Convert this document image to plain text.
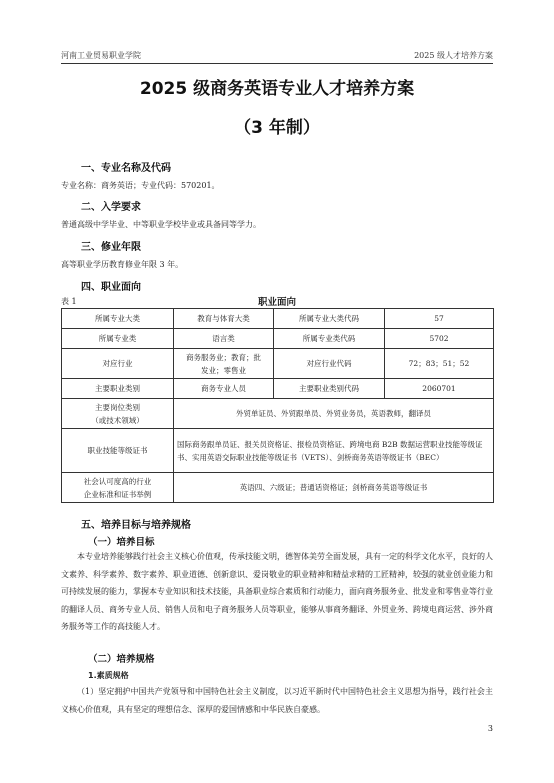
河南工业贸易职业学院	2025 级人才培养方案
2025 级商务英语专业人才培养方案
（3 年制）
一、专业名称及代码
专业名称：商务英语；专业代码：570201。
二、入学要求
普通高级中学毕业、中等职业学校毕业或具备同等学力。
三、修业年限
高等职业学历教育修业年限 3 年。
四、职业面向
表 1	职业面向
所属专业大类	教育与体育大类	所属专业大类代码	57
所属专业类	语言类	所属专业类代码	5702
对应行业	商务服务业；教育；批
发业；零售业	对应行业代码	72；83；51；52
主要职业类别	商务专业人员	主要职业类别代码	2060701

主要岗位类别
（或技术领域）	外贸单证员、外贸跟单员、外贸业务员，英语教师，翻译员		
职业技能等级证书	国际商务跟单员证、报关员资格证、报检员资格证、跨境电商 B2B 数据运营职业技能等级证书、实用英语交际职业技能等级证书（VETS）、剑桥商务英语等级证书（BEC）		

社会认可度高的行业
企业标准和证书举例	英语四、六级证；普通话资格证；剑桥商务英语等级证书		
五、培养目标与培养规格
（一）培养目标
本专业培养能够践行社会主义核心价值观，传承技能文明，德智体美劳全面发展，具有一定的科学文化水平，良好的人文素养、科学素养、数字素养、职业道德、创新意识、爱岗敬业的职业精神和精益求精的工匠精神，较强的就业创业能力和可持续发展的能力，掌握本专业知识和技术技能，具备职业综合素质和行动能力，面向商务服务业、批发业和零售业等行业的翻译人员、商务专业人员、销售人员和电子商务服务人员等职业，能够从事商务翻译、外贸业务、跨境电商运营、涉外商务服务等工作的高技能人才。
（二）培养规格
1.素质规格
（1）坚定拥护中国共产党领导和中国特色社会主义制度，以习近平新时代中国特色社会主义思想为指导，践行社会主义核心价值观，具有坚定的理想信念、深厚的爱国情感和中华民族自豪感。
3
